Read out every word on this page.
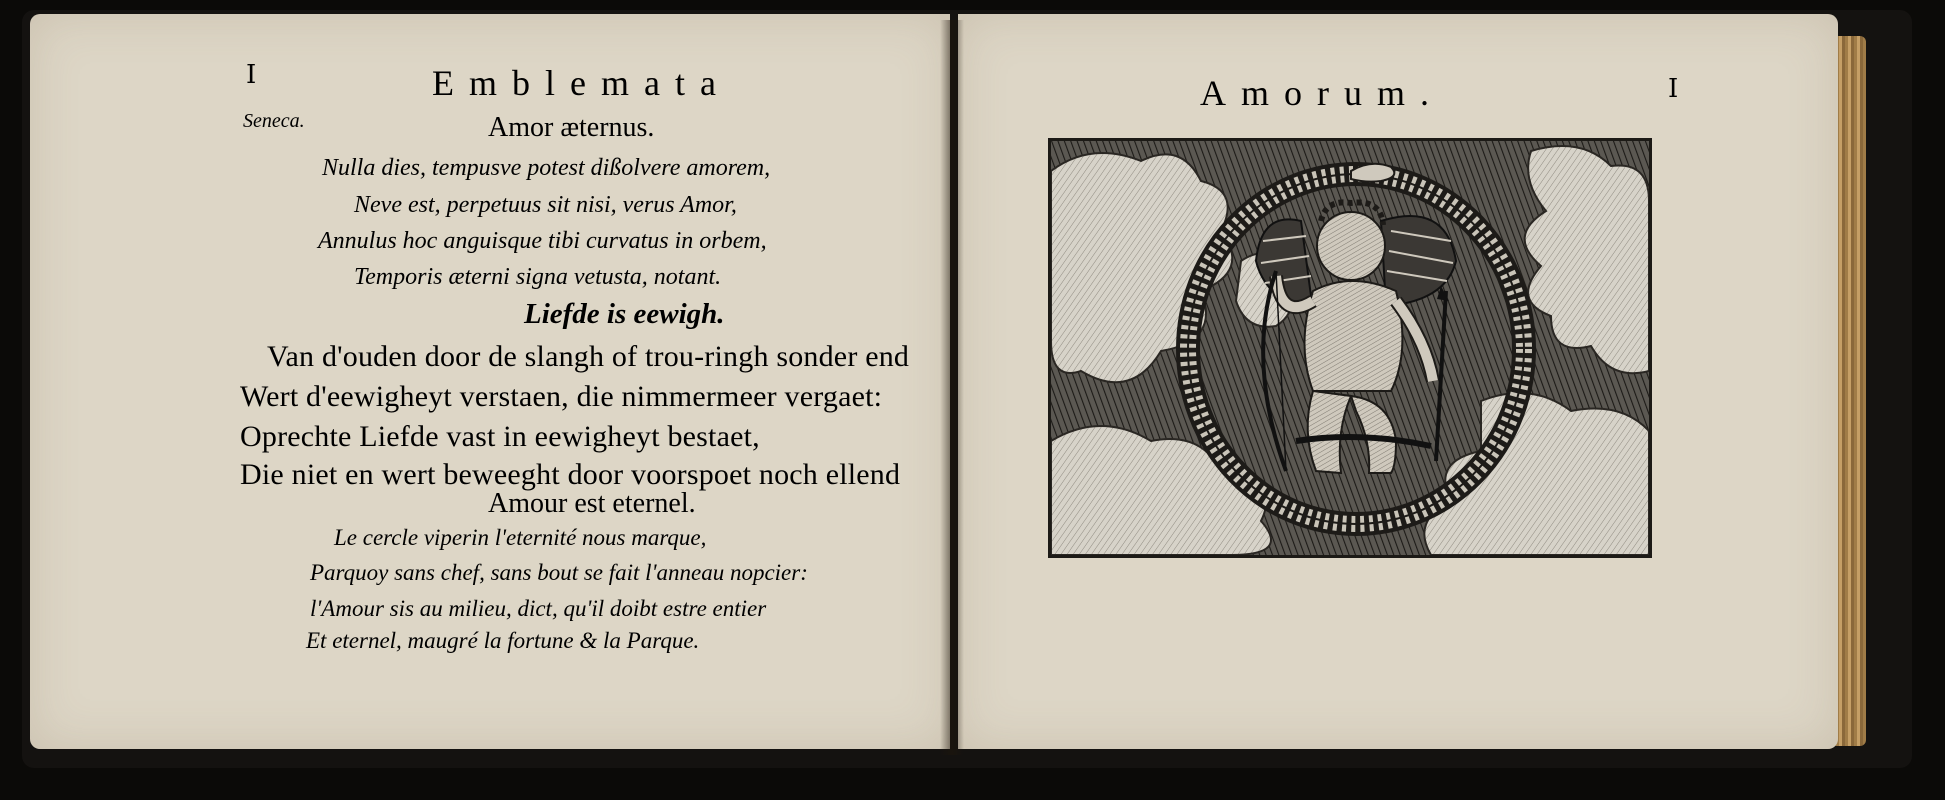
I	Emblemata
Seneca.	Amor æternus.
Nulla dies, tempusve potest dißolvere amorem,
Neve est, perpetuus sit nisi, verus Amor,
Annulus hoc anguisque tibi curvatus in orbem,
Temporis æterni signa vetusta, notant.
Liefde is eewigh.
Van d'ouden door de slangh of trou-ringh sonder end
Wert d'eewigheyt verstaen, die nimmermeer vergaet:
Oprechte Liefde vast in eewigheyt bestaet,
Die niet en wert beweeght door voorspoet noch ellend
Amour est eternel.
Le cercle viperin l'eternité nous marque,
Parquoy sans chef, sans bout se fait l'anneau nopcier:
l'Amour sis au milieu, dict, qu'il doibt estre entier
Et eternel, maugré la fortune & la Parque.
Amorum.	I
